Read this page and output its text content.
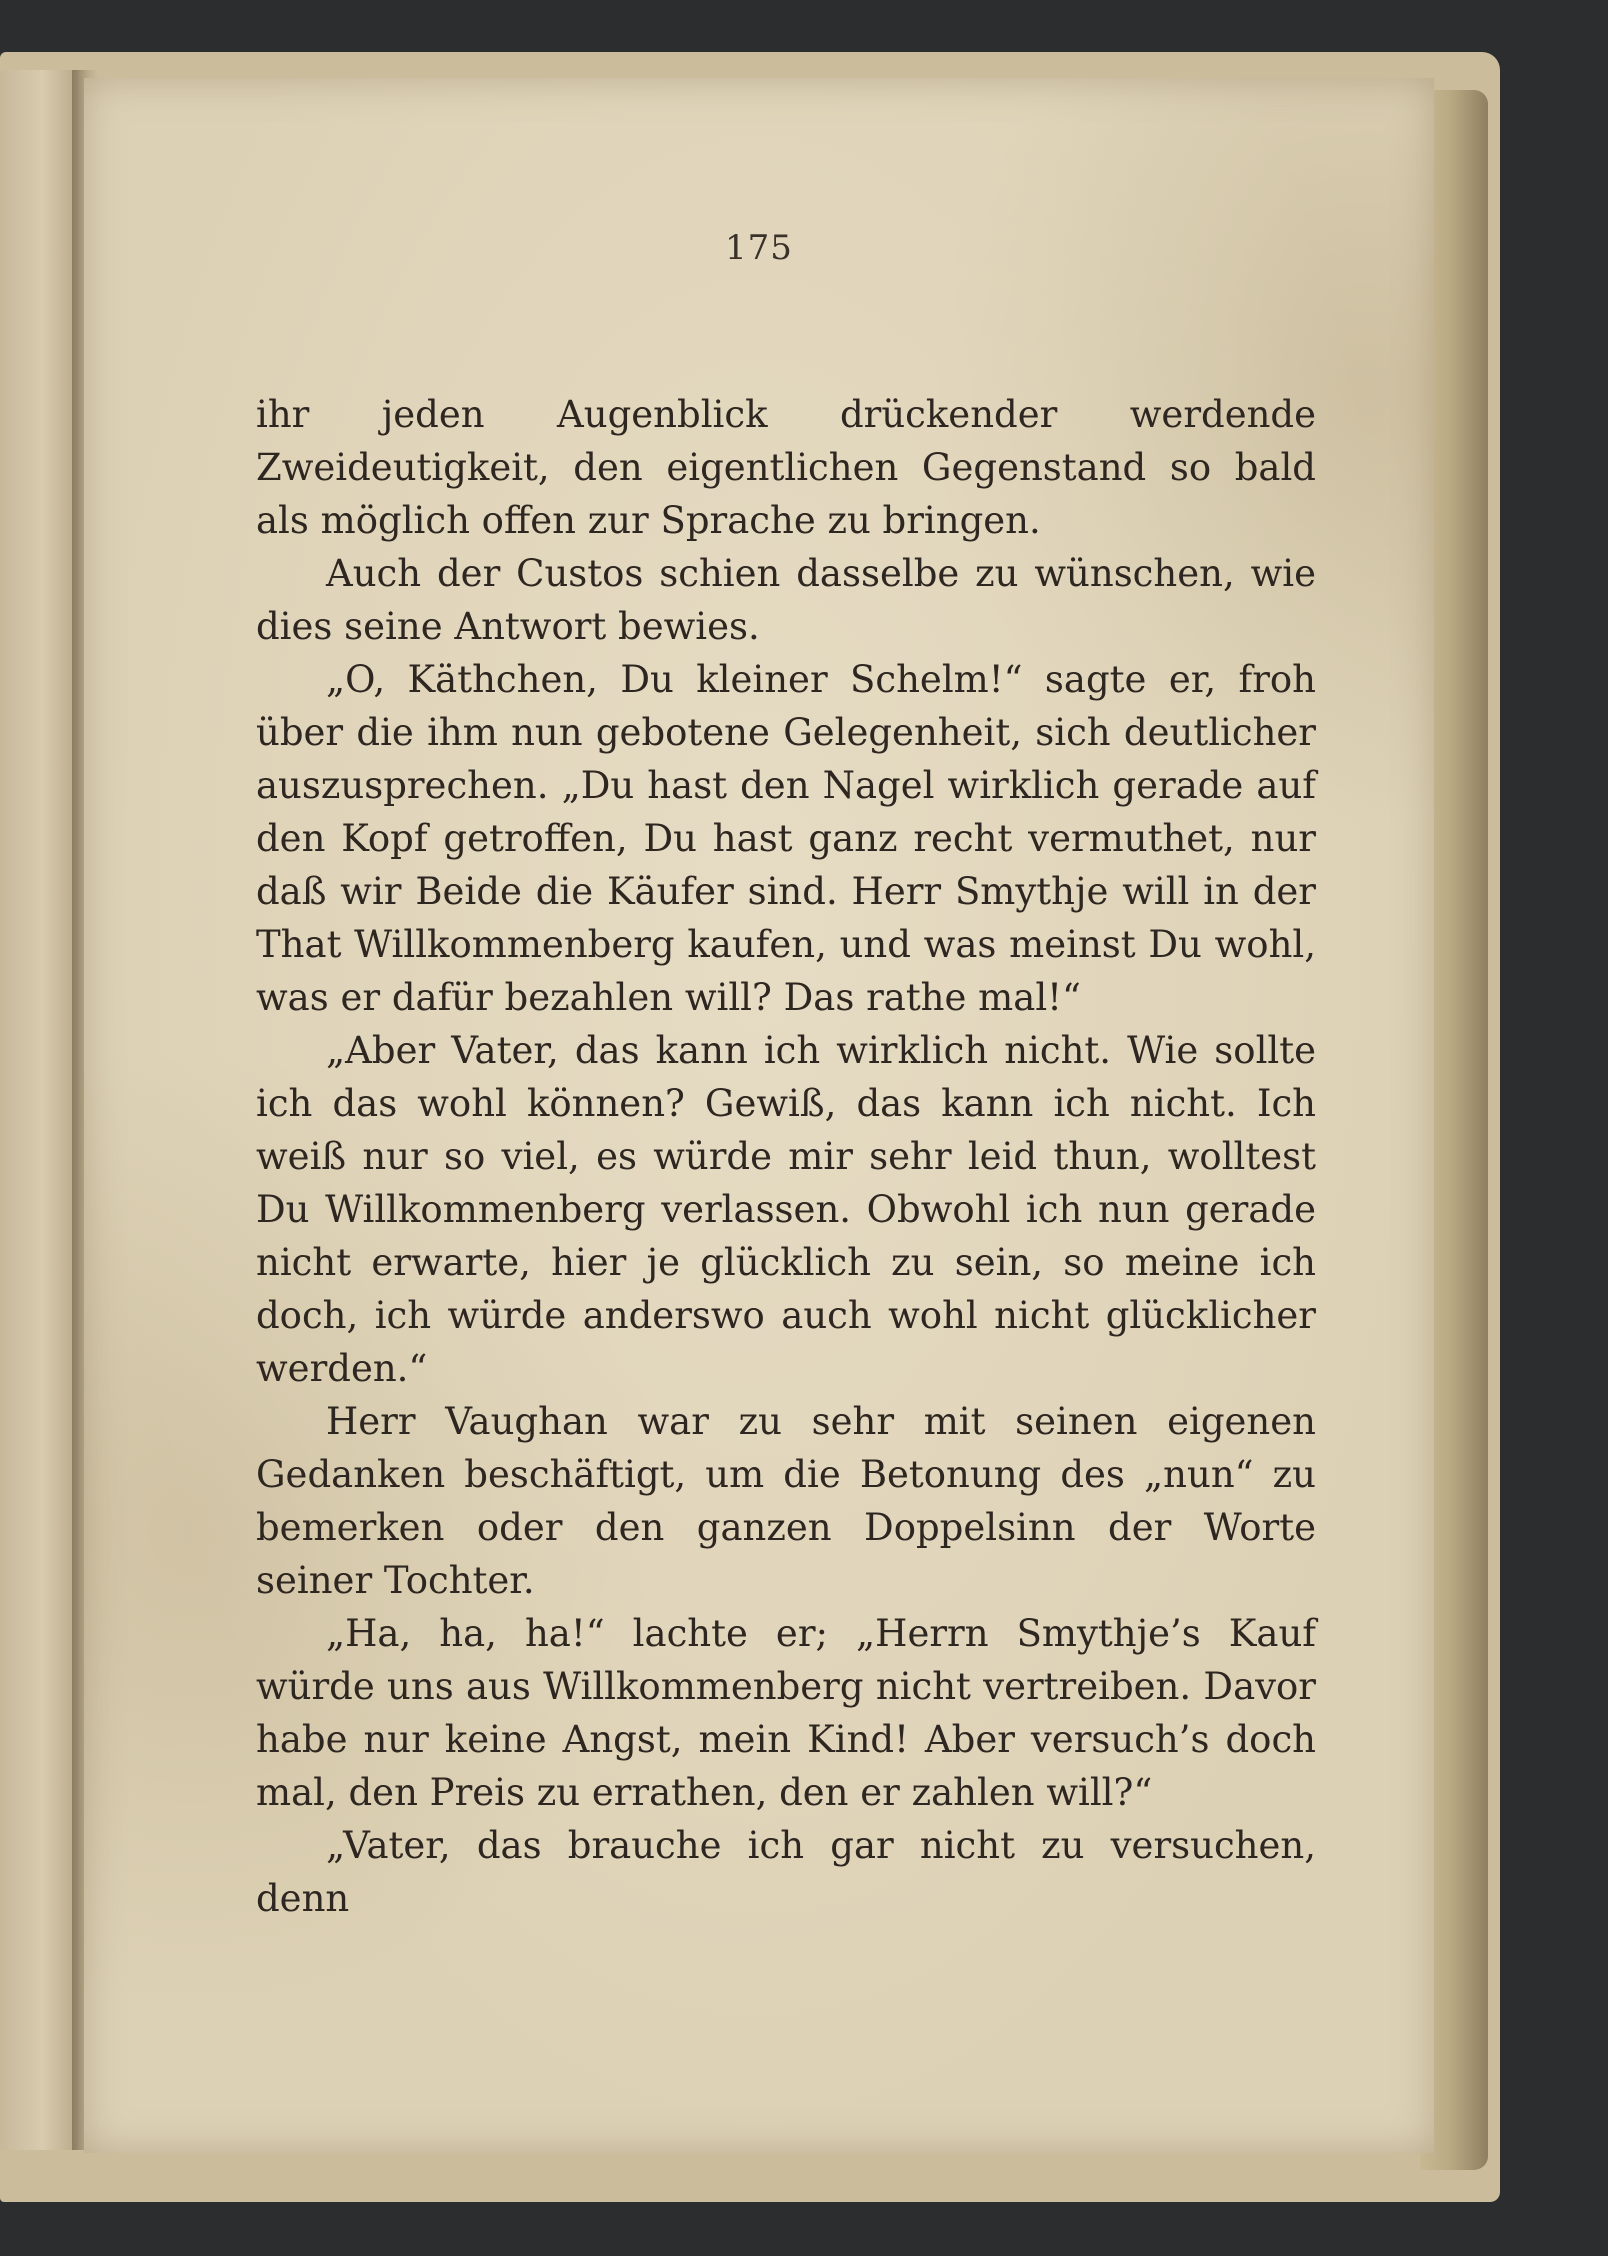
175

ihr jeden Augenblick drückender werdende Zweideutigkeit, den eigentlichen Gegenstand so bald als möglich offen zur Sprache zu bringen.

Auch der Custos schien dasselbe zu wünschen, wie dies seine Antwort bewies.

„O, Käthchen, Du kleiner Schelm!“ sagte er, froh über die ihm nun gebotene Gelegenheit, sich deutlicher auszusprechen. „Du hast den Nagel wirklich gerade auf den Kopf getroffen, Du hast ganz recht vermuthet, nur daß wir Beide die Käufer sind. Herr Smythje will in der That Willkommenberg kaufen, und was meinst Du wohl, was er dafür bezahlen will? Das rathe mal!“

„Aber Vater, das kann ich wirklich nicht. Wie sollte ich das wohl können? Gewiß, das kann ich nicht. Ich weiß nur so viel, es würde mir sehr leid thun, wolltest Du Willkommenberg verlassen. Obwohl ich nun gerade nicht erwarte, hier je glücklich zu sein, so meine ich doch, ich würde anderswo auch wohl nicht glücklicher werden.“

Herr Vaughan war zu sehr mit seinen eigenen Gedanken beschäftigt, um die Betonung des „nun“ zu bemerken oder den ganzen Doppelsinn der Worte seiner Tochter.

„Ha, ha, ha!“ lachte er; „Herrn Smythje’s Kauf würde uns aus Willkommenberg nicht vertreiben. Davor habe nur keine Angst, mein Kind! Aber versuch’s doch mal, den Preis zu errathen, den er zahlen will?“

„Vater, das brauche ich gar nicht zu versuchen, denn
